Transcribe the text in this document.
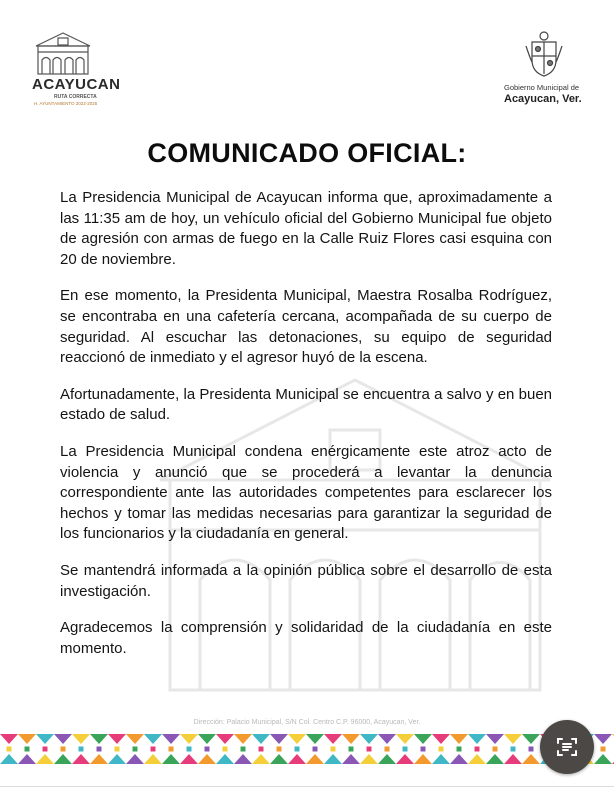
ACAYUCAN
RUTA CORRECTA
H. AYUNTAMIENTO 2022-2025
Gobierno Municipal de
Acayucan, Ver.
COMUNICADO OFICIAL:

La Presidencia Municipal de Acayucan informa que, aproximadamente a las 11:35 am de hoy, un vehículo oficial del Gobierno Municipal fue objeto de agresión con armas de fuego en la Calle Ruiz Flores casi esquina con 20 de noviembre.

En ese momento, la Presidenta Municipal, Maestra Rosalba Rodríguez, se encontraba en una cafetería cercana, acompañada de su cuerpo de seguridad. Al escuchar las detonaciones, su equipo de seguridad reaccionó de inmediato y el agresor huyó de la escena.

Afortunadamente, la Presidenta Municipal se encuentra a salvo y en buen estado de salud.

La Presidencia Municipal condena enérgicamente este atroz acto de violencia y anunció que se procederá a levantar la denuncia correspondiente ante las autoridades competentes para esclarecer los hechos y tomar las medidas necesarias para garantizar la seguridad de los funcionarios y la ciudadanía en general.

Se mantendrá informada a la opinión pública sobre el desarrollo de esta investigación.

Agradecemos la comprensión y solidaridad de la ciudadanía en este momento.

Dirección: Palacio Municipal, S/N Col. Centro C.P. 96000, Acayucan, Ver.
